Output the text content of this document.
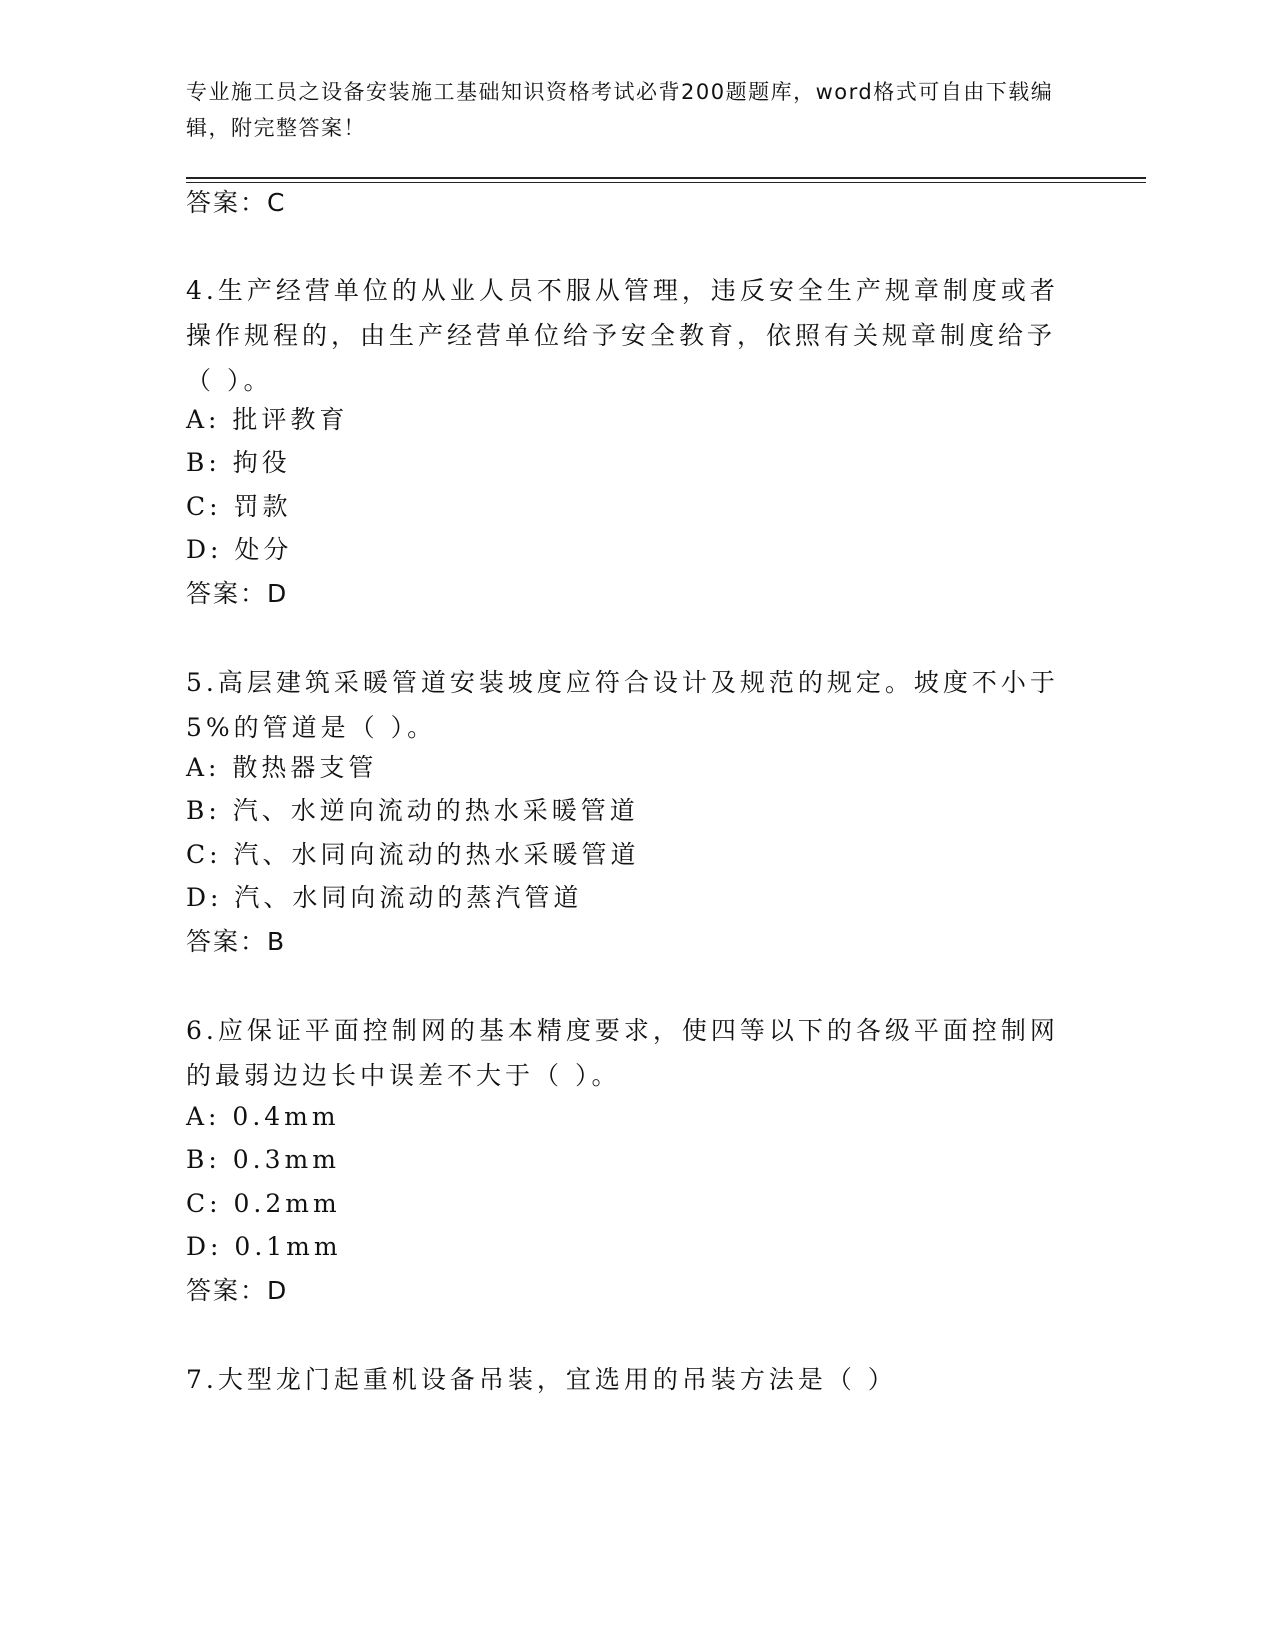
专业施工员之设备安装施工基础知识资格考试必背200题题库，word格式可自由下载编辑，附完整答案！
答案：C
4.生产经营单位的从业人员不服从管理，违反安全生产规章制度或者操作规程的，由生产经营单位给予安全教育，依照有关规章制度给予（ ）。
A: 批评教育
B: 拘役
C: 罚款
D: 处分
答案：D
5.高层建筑采暖管道安装坡度应符合设计及规范的规定。坡度不小于5%的管道是（ ）。
A: 散热器支管
B: 汽、水逆向流动的热水采暖管道
C: 汽、水同向流动的热水采暖管道
D: 汽、水同向流动的蒸汽管道
答案：B
6.应保证平面控制网的基本精度要求，使四等以下的各级平面控制网的最弱边边长中误差不大于（ ）。
A: 0.4mm
B: 0.3mm
C: 0.2mm
D: 0.1mm
答案：D
7.大型龙门起重机设备吊装，宜选用的吊装方法是（ ）
